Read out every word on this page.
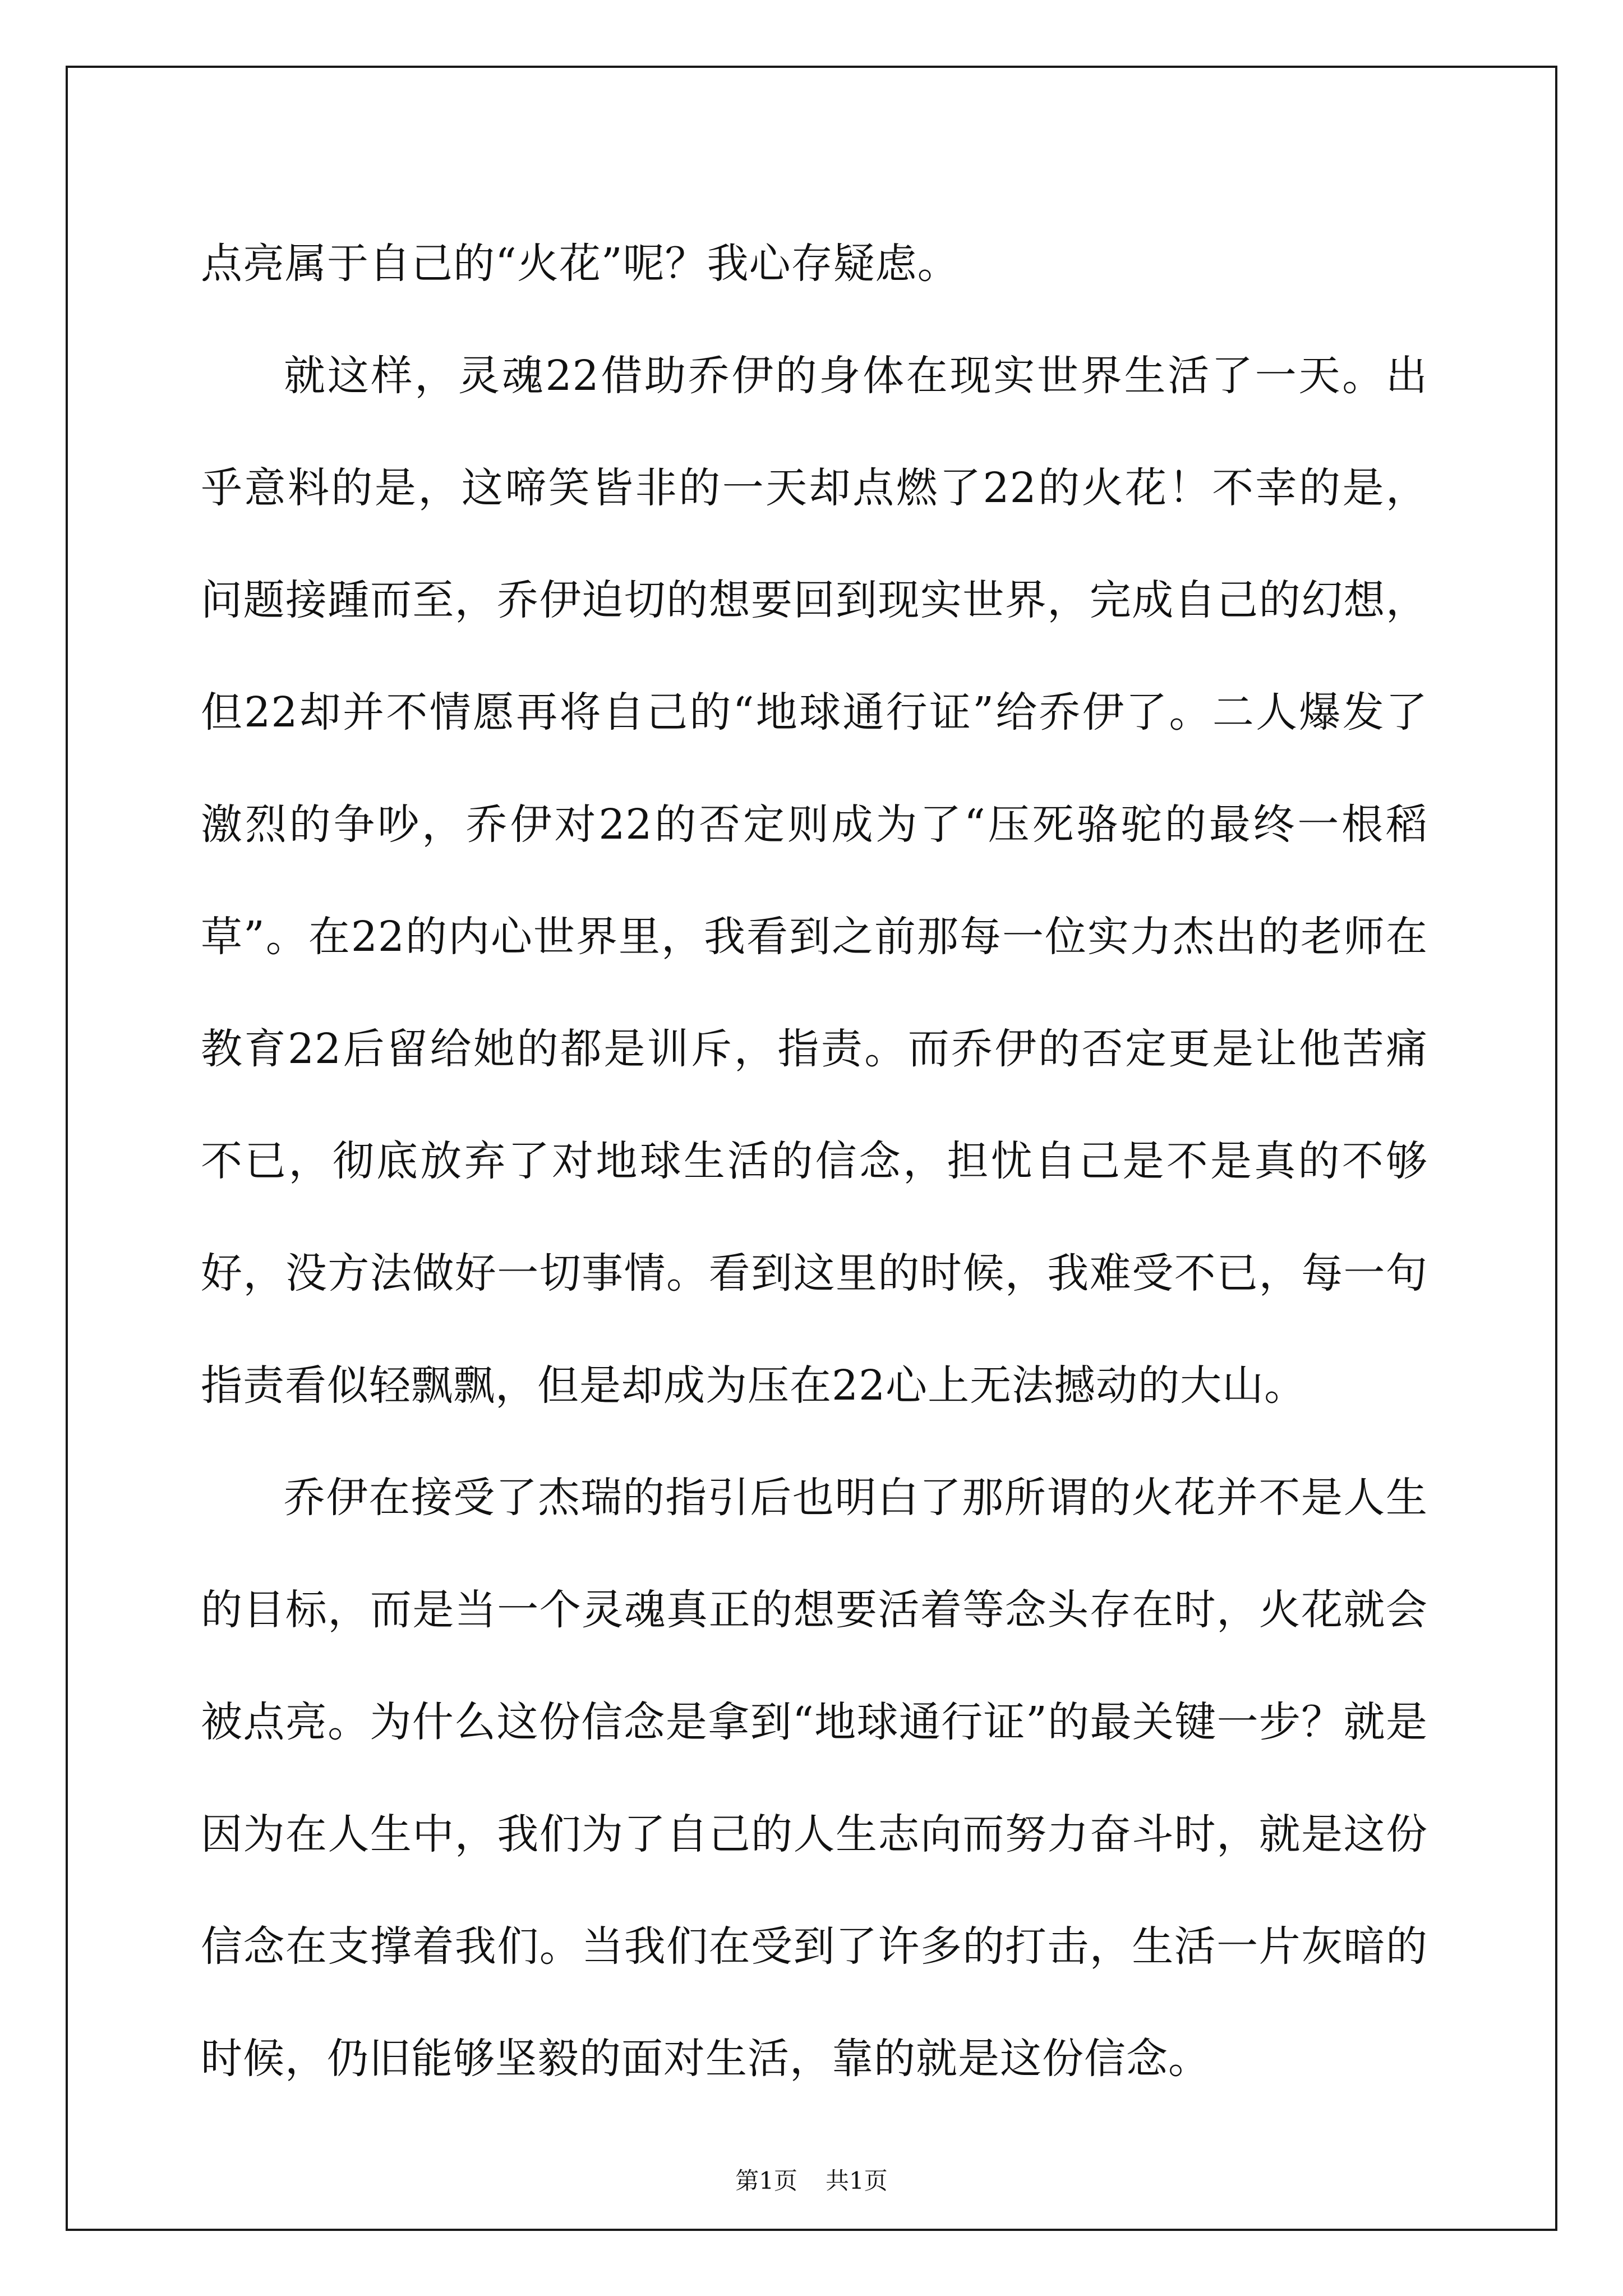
点亮属于自己的“火花”呢？我心存疑虑。

就这样，灵魂22借助乔伊的身体在现实世界生活了一天。出乎意料的是，这啼笑皆非的一天却点燃了22的火花！不幸的是，问题接踵而至，乔伊迫切的想要回到现实世界，完成自己的幻想，但22却并不情愿再将自己的“地球通行证”给乔伊了。二人爆发了激烈的争吵，乔伊对22的否定则成为了“压死骆驼的最终一根稻草”。在22的内心世界里，我看到之前那每一位实力杰出的老师在教育22后留给她的都是训斥，指责。而乔伊的否定更是让他苦痛不已，彻底放弃了对地球生活的信念，担忧自己是不是真的不够好，没方法做好一切事情。看到这里的时候，我难受不已，每一句指责看似轻飘飘，但是却成为压在22心上无法撼动的大山。

乔伊在接受了杰瑞的指引后也明白了那所谓的火花并不是人生的目标，而是当一个灵魂真正的想要活着等念头存在时，火花就会被点亮。为什么这份信念是拿到“地球通行证”的最关键一步？就是因为在人生中，我们为了自己的人生志向而努力奋斗时，就是这份信念在支撑着我们。当我们在受到了许多的打击，生活一片灰暗的时候，仍旧能够坚毅的面对生活，靠的就是这份信念。

第1页 共1页
